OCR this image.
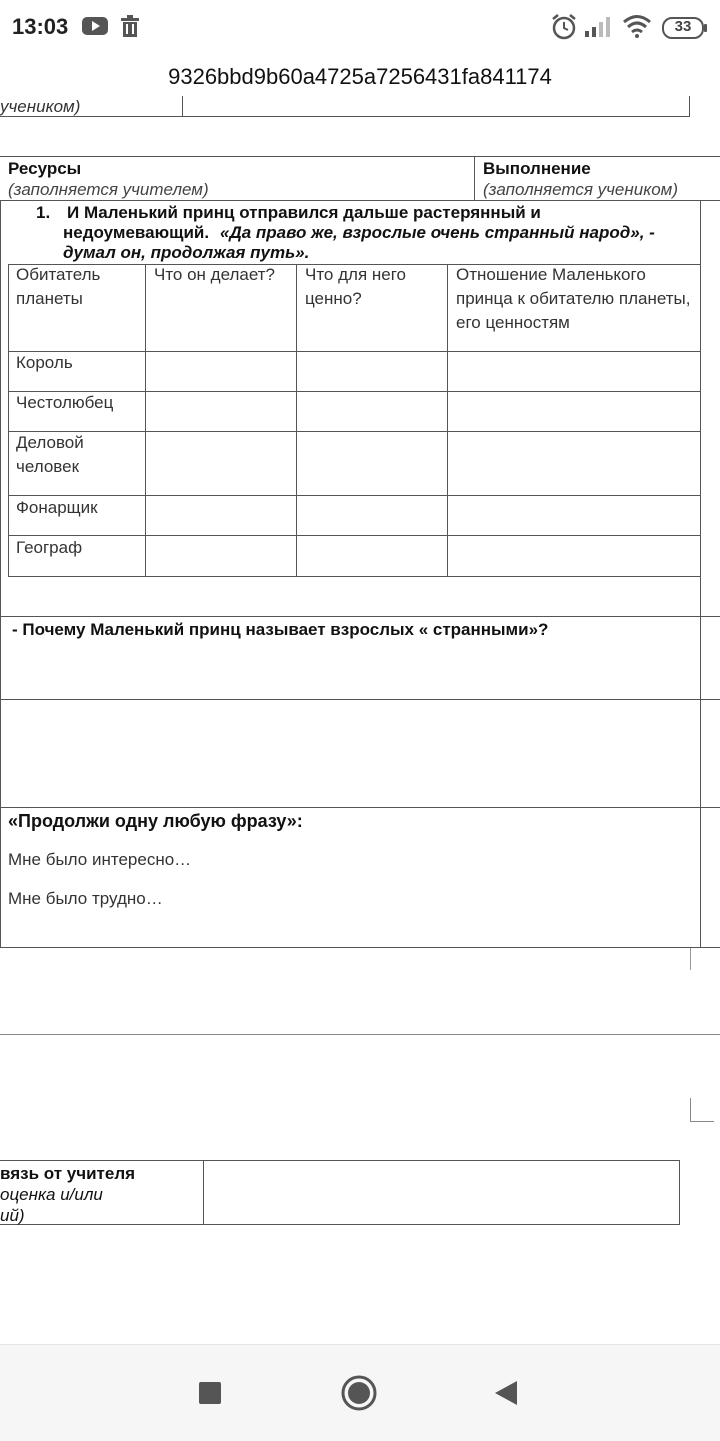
13:03	33
9326bbd9b60a4725a7256431fa841174
учеником)
Ресурсы
(заполняется учителем)
Выполнение
(заполняется учеником)
1. И Маленький принц отправился дальше растерянный и
недоумевающий. «Да право же, взрослые очень странный народ», -
думал он, продолжая путь».
Обитатель
планеты
Что он делает? Что для него
ценно?
Отношение Маленького
принца к обитателю планеты,
его ценностям
Король
Честолюбец
Деловой
человек
Фонарщик
Географ
- Почему Маленький принц называет взрослых « странными»?
«Продолжи одну любую фразу»:
Мне было интересно…
Мне было трудно…
вязь от учителя
оценка и/или
ий)
